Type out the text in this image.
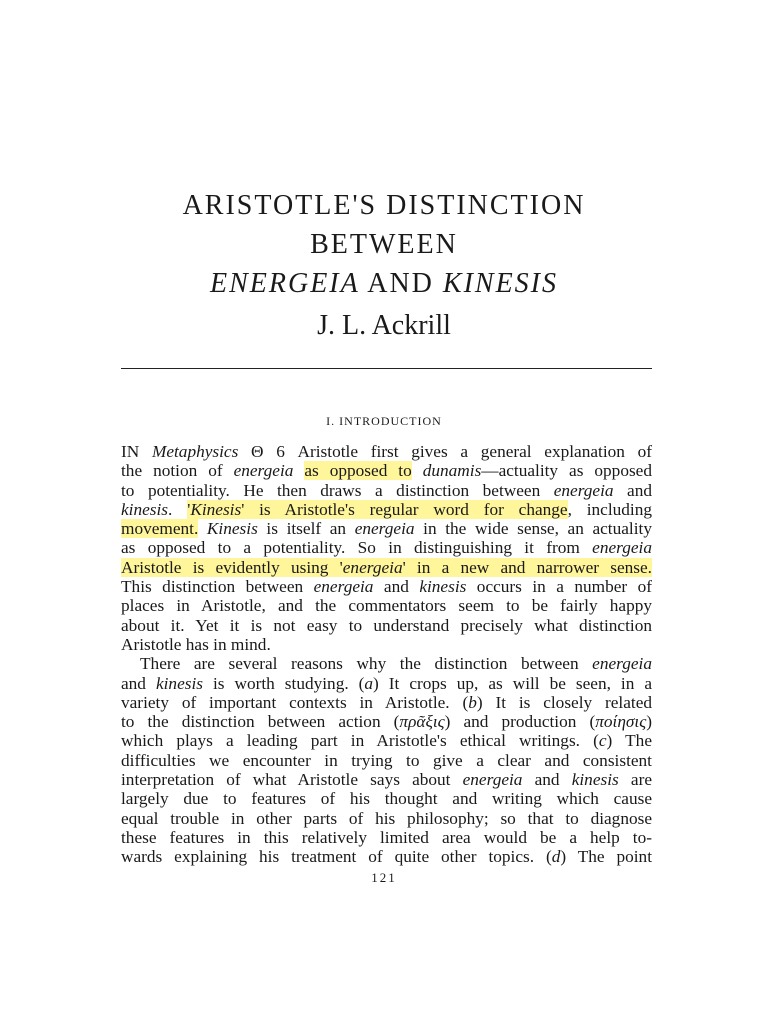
ARISTOTLE'S DISTINCTION
BETWEEN
ENERGEIA AND KINESIS
J. L. Ackrill
I. INTRODUCTION
IN Metaphysics Θ 6 Aristotle first gives a general explanation of
the notion of energeia as opposed to dunamis—actuality as opposed
to potentiality. He then draws a distinction between energeia and
kinesis. 'Kinesis' is Aristotle's regular word for change, including
movement. Kinesis is itself an energeia in the wide sense, an actuality
as opposed to a potentiality. So in distinguishing it from energeia
Aristotle is evidently using 'energeia' in a new and narrower sense.
This distinction between energeia and kinesis occurs in a number of
places in Aristotle, and the commentators seem to be fairly happy
about it. Yet it is not easy to understand precisely what distinction
Aristotle has in mind.
There are several reasons why the distinction between energeia
and kinesis is worth studying. (a) It crops up, as will be seen, in a
variety of important contexts in Aristotle. (b) It is closely related
to the distinction between action (πρᾶξις) and production (ποίησις)
which plays a leading part in Aristotle's ethical writings. (c) The
difficulties we encounter in trying to give a clear and consistent
interpretation of what Aristotle says about energeia and kinesis are
largely due to features of his thought and writing which cause
equal trouble in other parts of his philosophy; so that to diagnose
these features in this relatively limited area would be a help to-
wards explaining his treatment of quite other topics. (d) The point
121
